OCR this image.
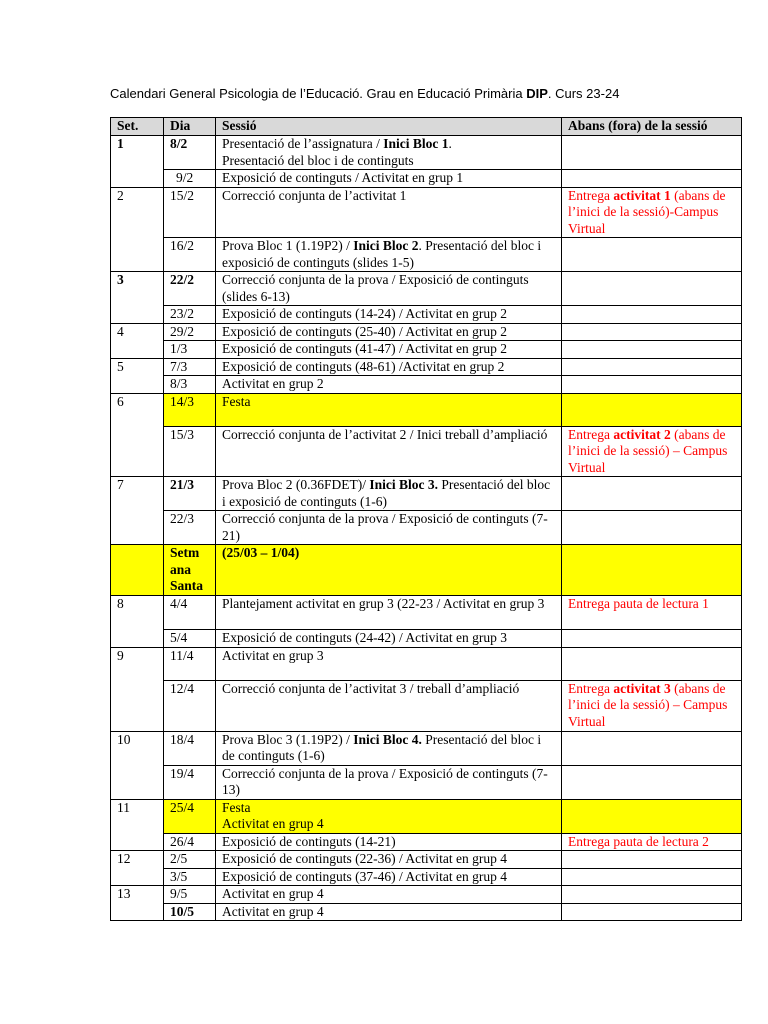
Calendari General Psicologia de l’Educació. Grau en Educació Primària DIP. Curs 23-24
Set.	Dia	Sessió	Abans (fora) de la sessió
1	8/2	Presentació de l’assignatura / Inici Bloc 1.
Presentació del bloc i de continguts	
	9/2	Exposició de continguts / Activitat en grup 1	
2	15/2	Correcció conjunta de l’activitat 1	Entrega activitat 1 (abans de l’inici de la sessió)-Campus Virtual
	16/2	Prova Bloc 1 (1.19P2) / Inici Bloc 2. Presentació del bloc i exposició de continguts (slides 1-5)	
3	22/2	Correcció conjunta de la prova / Exposició de continguts (slides 6-13)	
	23/2	Exposició de continguts (14-24) / Activitat en grup 2	
4	29/2	Exposició de continguts (25-40) / Activitat en grup 2	
	1/3	Exposició de continguts (41-47) / Activitat en grup 2	
5	7/3	Exposició de continguts (48-61) /Activitat en grup 2	
	8/3	Activitat en grup 2	
6	14/3	Festa	
	15/3	Correcció conjunta de l’activitat 2 / Inici treball d’ampliació	Entrega activitat 2 (abans de l’inici de la sessió) – Campus Virtual
7	21/3	Prova Bloc 2 (0.36FDET)/ Inici Bloc 3. Presentació del bloc i exposició de continguts (1-6)	
	22/3	Correcció conjunta de la prova / Exposició de continguts (7-21)	
	Setm ana Santa	(25/03 – 1/04)	
8	4/4	Plantejament activitat en grup 3 (22-23 / Activitat en grup 3	Entrega pauta de lectura 1
	5/4	Exposició de continguts (24-42) / Activitat en grup 3	
9	11/4	Activitat en grup 3	
	12/4	Correcció conjunta de l’activitat 3 / treball d’ampliació	Entrega activitat 3 (abans de l’inici de la sessió) – Campus Virtual
10	18/4	Prova Bloc 3 (1.19P2) / Inici Bloc 4. Presentació del bloc i de continguts (1-6)	
	19/4	Correcció conjunta de la prova / Exposició de continguts (7-13)	
11	25/4	Festa
Activitat en grup 4	
	26/4	Exposició de continguts (14-21)	Entrega pauta de lectura 2
12	2/5	Exposició de continguts (22-36) / Activitat en grup 4	
	3/5	Exposició de continguts (37-46) / Activitat en grup 4	
13	9/5	Activitat en grup 4	
	10/5	Activitat en grup 4	
